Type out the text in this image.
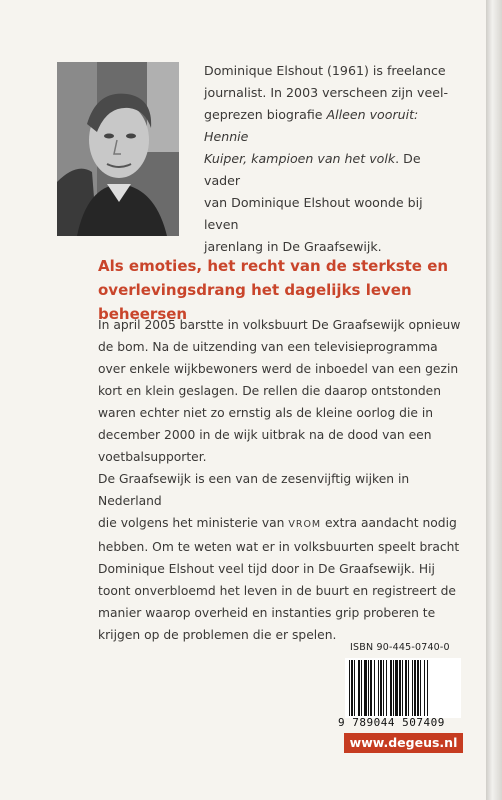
Dominique Elshout (1961) is freelance
journalist. In 2003 verscheen zijn veel-
geprezen biografie Alleen vooruit: Hennie
Kuiper, kampioen van het volk. De vader
van Dominique Elshout woonde bij leven
jarenlang in De Graafsewijk.
Als emoties, het recht van de sterkste en
overlevingsdrang het dagelijks leven beheersen

In april 2005 barstte in volksbuurt De Graafsewijk opnieuw
de bom. Na de uitzending van een televisieprogramma
over enkele wijkbewoners werd de inboedel van een gezin
kort en klein geslagen. De rellen die daarop ontstonden
waren echter niet zo ernstig als de kleine oorlog die in
december 2000 in de wijk uitbrak na de dood van een
voetbalsupporter.

De Graafsewijk is een van de zesenvijftig wijken in Nederland
die volgens het ministerie van VROM extra aandacht nodig
hebben. Om te weten wat er in volksbuurten speelt bracht
Dominique Elshout veel tijd door in De Graafsewijk. Hij
toont onverbloemd het leven in de buurt en registreert de
manier waarop overheid en instanties grip proberen te
krijgen op de problemen die er spelen.

ISBN 90-445-0740-0
9 789044 507409
www.degeus.nl
